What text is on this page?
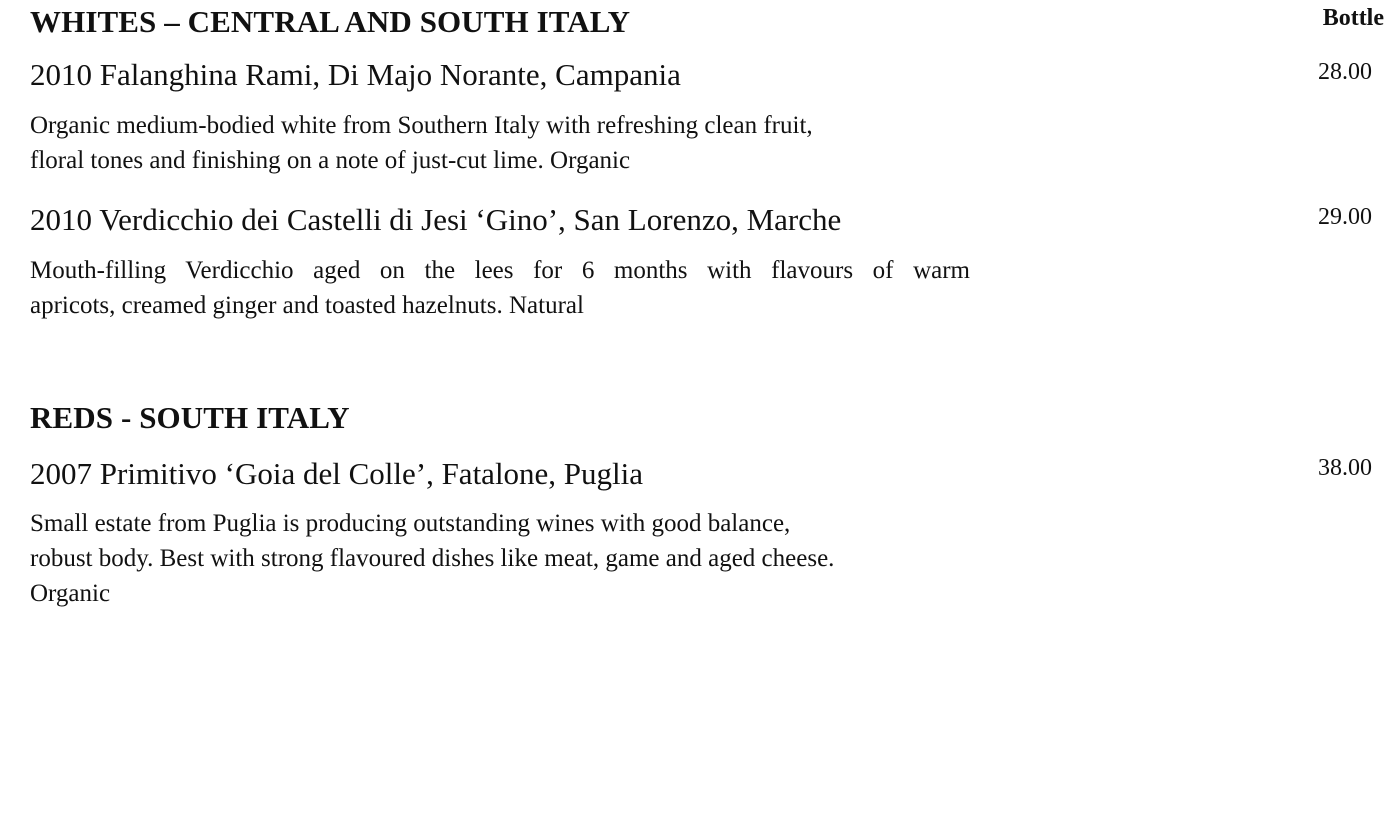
Bottle
WHITES – CENTRAL AND SOUTH ITALY
2010 Falanghina Rami, Di Majo Norante, Campania	28.00
Organic medium-bodied white from Southern Italy with refreshing clean fruit,
floral tones and finishing on a note of just-cut lime. Organic
2010 Verdicchio dei Castelli di Jesi ‘Gino’, San Lorenzo, Marche	29.00
Mouth-filling Verdicchio aged on the lees for 6 months with flavours of warm
apricots, creamed ginger and toasted hazelnuts. Natural
REDS - SOUTH ITALY
2007 Primitivo ‘Goia del Colle’, Fatalone, Puglia	38.00
Small estate from Puglia is producing outstanding wines with good balance,
robust body. Best with strong flavoured dishes like meat, game and aged cheese.
Organic
